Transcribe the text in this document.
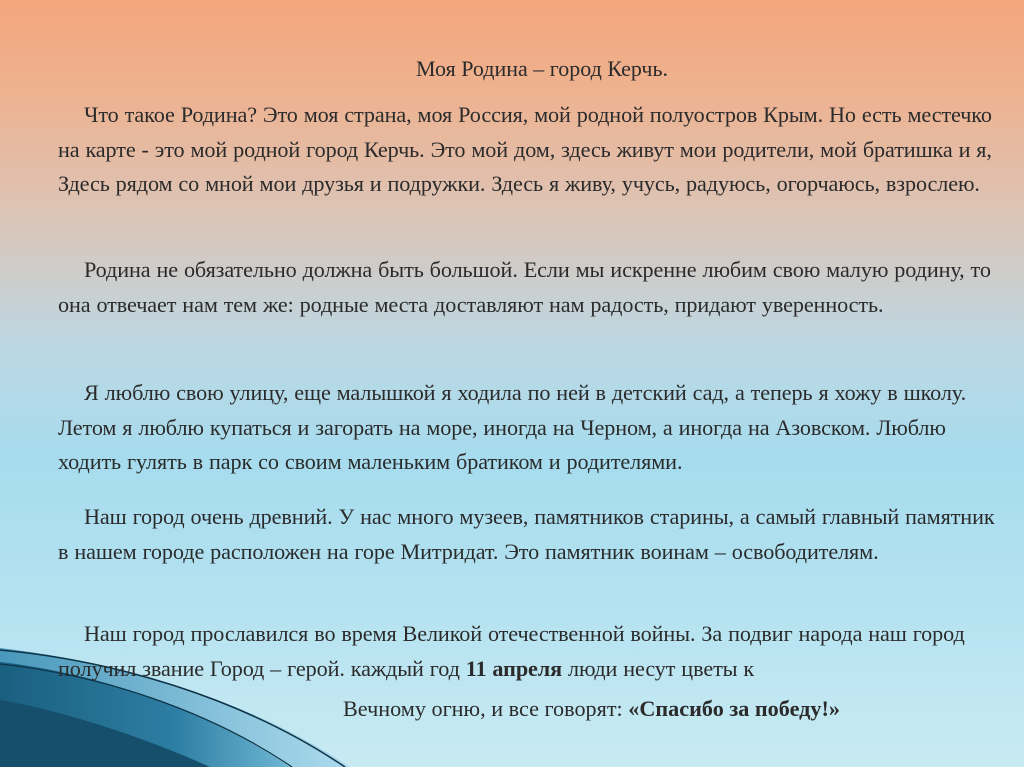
Моя Родина – город Керчь.

Что такое Родина? Это моя страна, моя Россия, мой родной полуостров Крым. Но есть местечко на карте - это мой родной город Керчь. Это мой дом, здесь живут мои родители, мой братишка и я, Здесь рядом со мной мои друзья и подружки. Здесь я живу, учусь, радуюсь, огорчаюсь, взрослею.

Родина не обязательно должна быть большой. Если мы искренне любим свою малую родину, то она отвечает нам тем же: родные места доставляют нам радость, придают уверенность.

Я люблю свою улицу, еще малышкой я ходила по ней в детский сад, а теперь я хожу в школу. Летом я люблю купаться и загорать на море, иногда на Черном, а иногда на Азовском. Люблю ходить гулять в парк со своим маленьким братиком и родителями.

Наш город очень древний. У нас много музеев, памятников старины, а самый главный памятник в нашем городе расположен на горе Митридат. Это памятник воинам – освободителям.

Наш город прославился во время Великой отечественной войны. За подвиг народа наш город получил звание Город – герой. каждый год 11 апреля люди несут цветы к

Вечному огню, и все говорят: «Спасибо за победу!»
